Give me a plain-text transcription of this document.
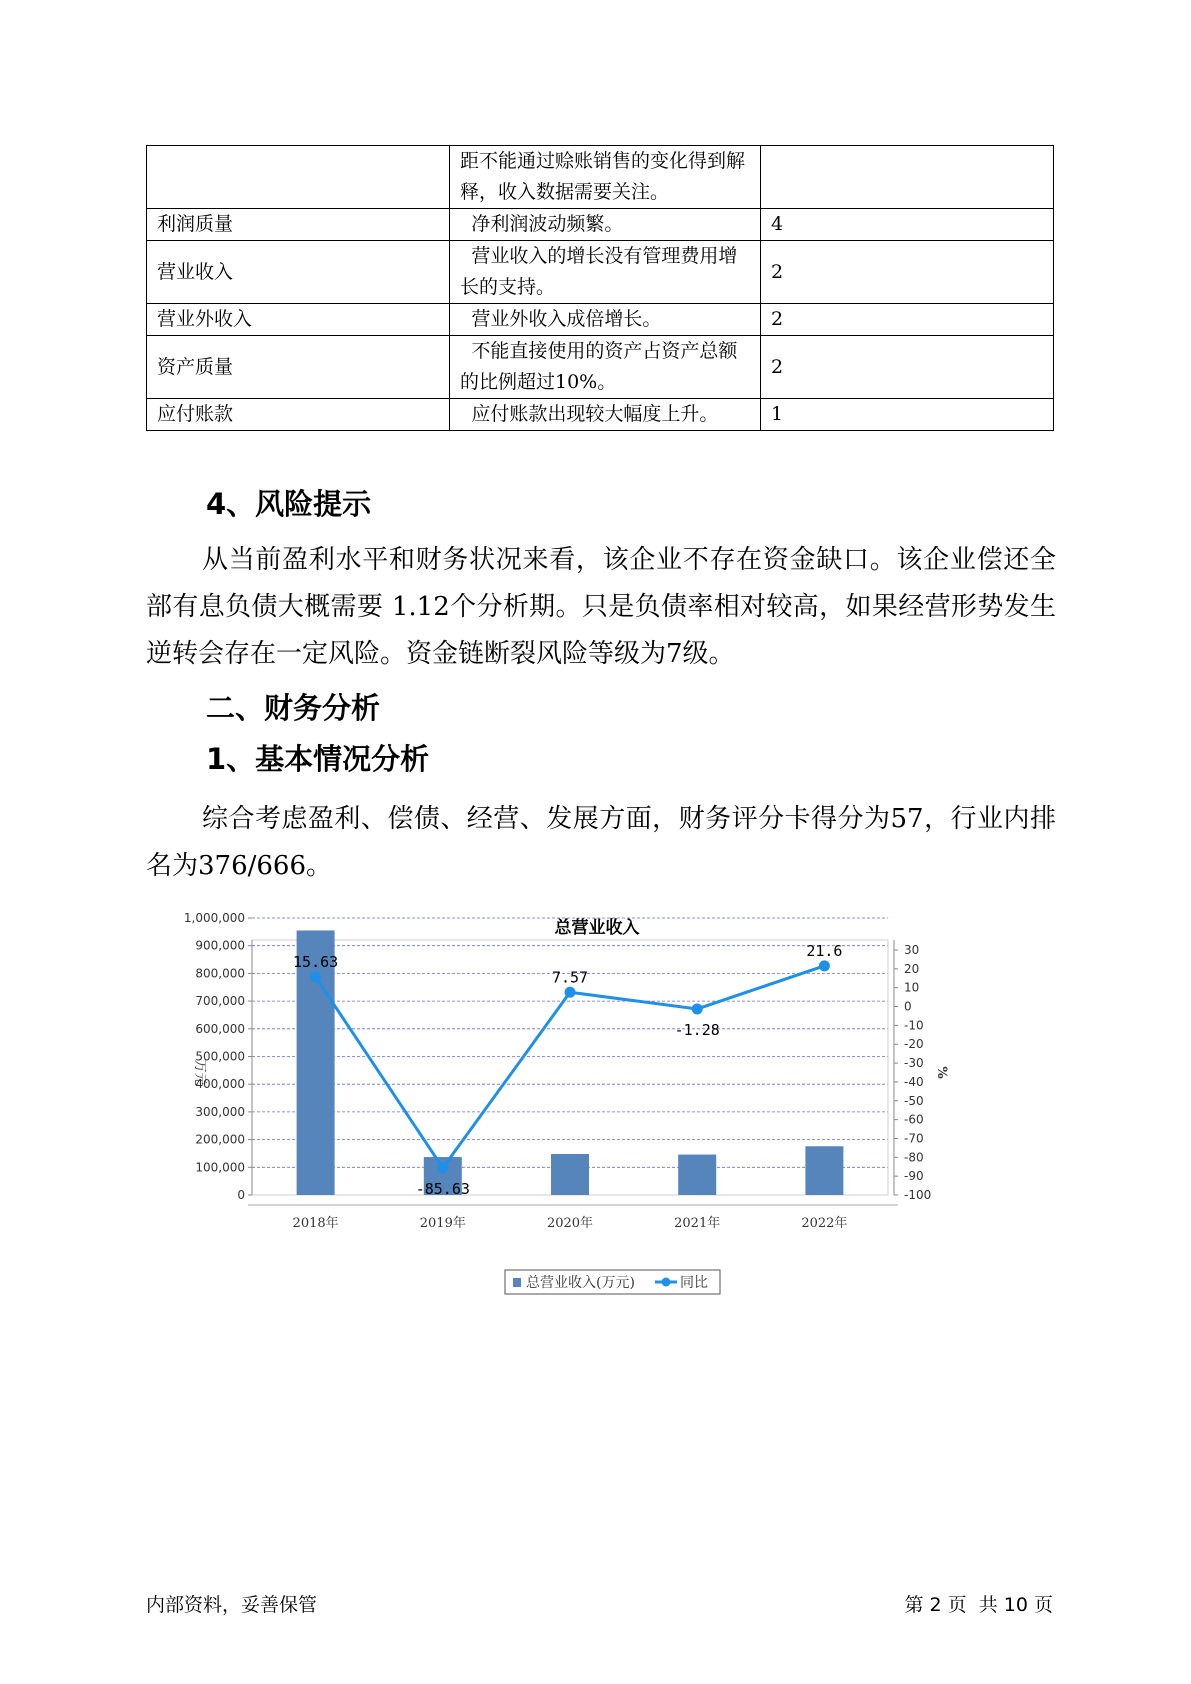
	距不能通过赊账销售的变化得到解释，收入数据需要关注。	
利润质量	净利润波动频繁。	4
营业收入	营业收入的增长没有管理费用增长的支持。	2
营业外收入	营业外收入成倍增长。	2
资产质量	不能直接使用的资产占资产总额的比例超过10%。	2
应付账款	应付账款出现较大幅度上升。	1
4、风险提示

从当前盈利水平和财务状况来看，该企业不存在资金缺口。该企业偿还全部有息负债大概需要 1.12个分析期。只是负债率相对较高，如果经营形势发生逆转会存在一定风险。资金链断裂风险等级为7级。

二、财务分析
1、基本情况分析

综合考虑盈利、偿债、经营、发展方面，财务评分卡得分为57，行业内排名为376/666。

总营业收入
0
100,000
200,000
300,000
400,000
500,000
600,000
700,000
800,000
900,000
1,000,000
-100
-90
-80
-70
-60
-50
-40
-30
-20
-10
0
10
20
30
2018年	2019年	2020年	2021年	2022年
万元	%
15.63
-85.63
7.57
-1.28
21.6
总营业收入(万元)	同比
内部资料，妥善保管	第 2 页  共 10 页
